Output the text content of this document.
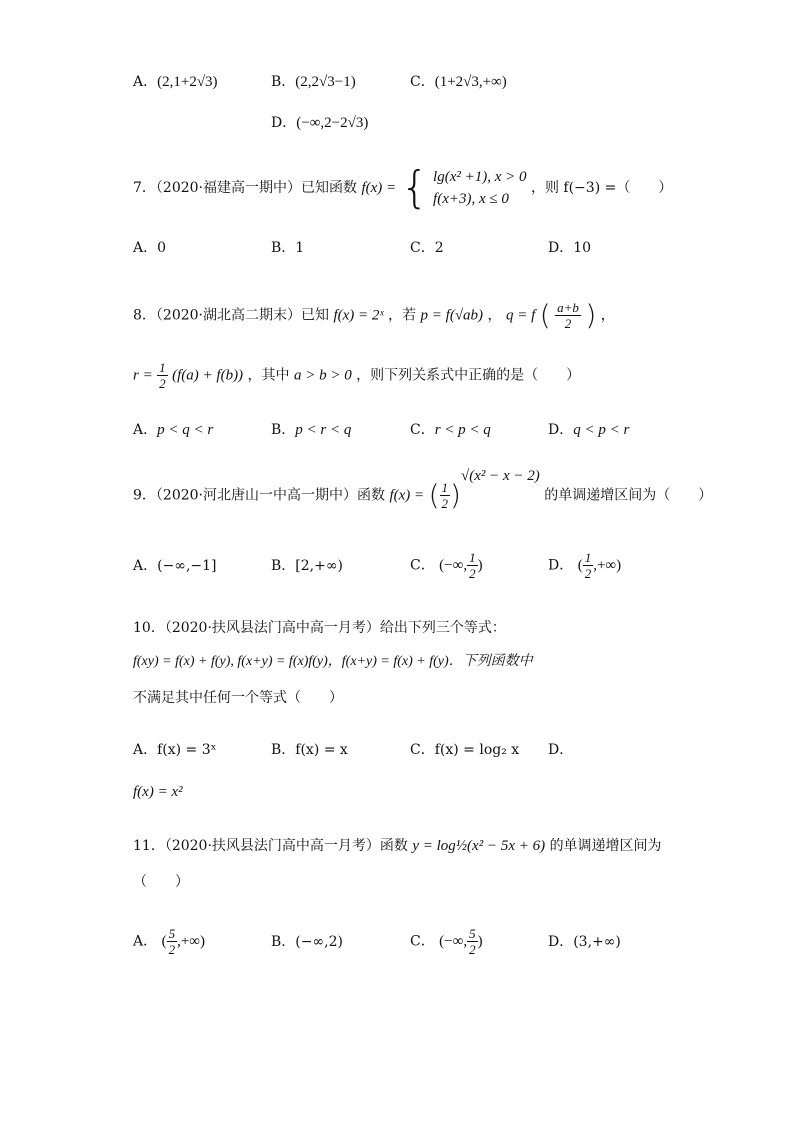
A．(2,1+2√3)	B．(2,2√3−1)	C．(1+2√3,+∞)
D．(−∞,2−2√3)
7．（2020·福建高一期中）已知函数 f(x) = { lg(x² +1), x > 0
f(x+3), x ≤ 0
，则 f(−3) =（　　）
A．0	B．1	C．2	D．10
8．（2020·湖北高二期末）已知 f(x) = 2ˣ ，若 p = f(√ab) ， q = f ( $\frac{a+b}{2}$ ) ，
$r = \frac{1}{2} (f(a) + f(b))$ ，其中 a > b > 0 ，则下列关系式中正确的是（　　）
A．p < q < r	B．p < r < q	C．r < p < q	D．q < p < r
9．（2020·河北唐山一中高一期中）函数 f(x) = ( $\frac{1}{2} )^{√(x^2 - x - 2)}$ 的单调递增区间为（　　）
A．(−∞,−1]	B．[2,+∞)	C． (−∞, $\frac{1}{2}$ )	D． ( $\frac{1}{2}$ ,+∞)
10．（2020·扶风县法门高中高一月考）给出下列三个等式：
f(xy) = f(x) + f(y), f(x+y) = f(x)f(y)，f(x+y) = f(x) + f(y)．下列函数中
不满足其中任何一个等式（　　）
A．f(x) = 3ˣ	B．f(x) = x	C．f(x) = log₂ x D．
f(x) = x²
11．（2020·扶风县法门高中高一月考）函数 y = log½(x² − 5x + 6) 的单调递增区间为
（　　）
A． ( $\frac{5}{2}$ ,+∞)	B．(−∞,2)	C． (−∞, $\frac{5}{2}$ )	D．(3,+∞)
